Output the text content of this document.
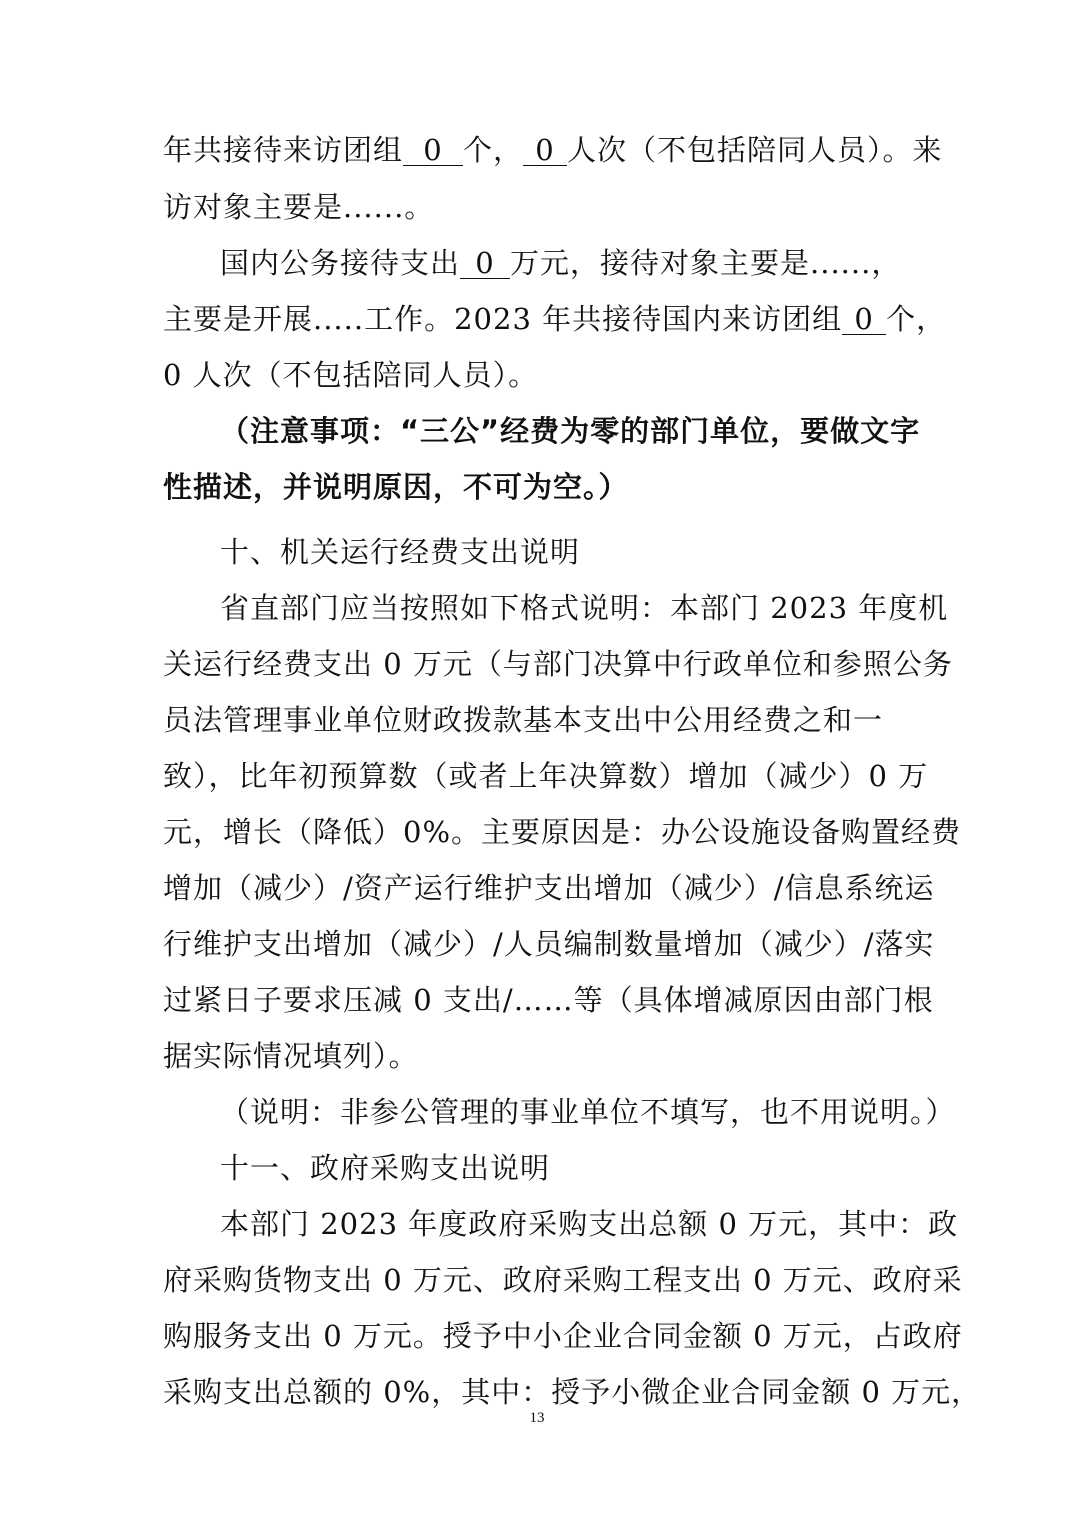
年共接待来访团组 0 个， 0 人次（不包括陪同人员）。来
访对象主要是......。
国内公务接待支出 0 万元，接待对象主要是......，
主要是开展.....工作。2023 年共接待国内来访团组 0 个，
0 人次（不包括陪同人员）。
（注意事项：“三公”经费为零的部门单位，要做文字
性描述，并说明原因，不可为空。）
十、机关运行经费支出说明
省直部门应当按照如下格式说明：本部门 2023 年度机
关运行经费支出 0 万元（与部门决算中行政单位和参照公务
员法管理事业单位财政拨款基本支出中公用经费之和一
致），比年初预算数（或者上年决算数）增加（减少）0 万
元，增长（降低）0%。主要原因是：办公设施设备购置经费
增加（减少）/资产运行维护支出增加（减少）/信息系统运
行维护支出增加（减少）/人员编制数量增加（减少）/落实
过紧日子要求压减 0 支出/……等（具体增减原因由部门根
据实际情况填列）。
（说明：非参公管理的事业单位不填写，也不用说明。）
十一、政府采购支出说明
本部门 2023 年度政府采购支出总额 0 万元，其中：政
府采购货物支出 0 万元、政府采购工程支出 0 万元、政府采
购服务支出 0 万元。授予中小企业合同金额 0 万元，占政府
采购支出总额的 0%，其中：授予小微企业合同金额 0 万元，
13
